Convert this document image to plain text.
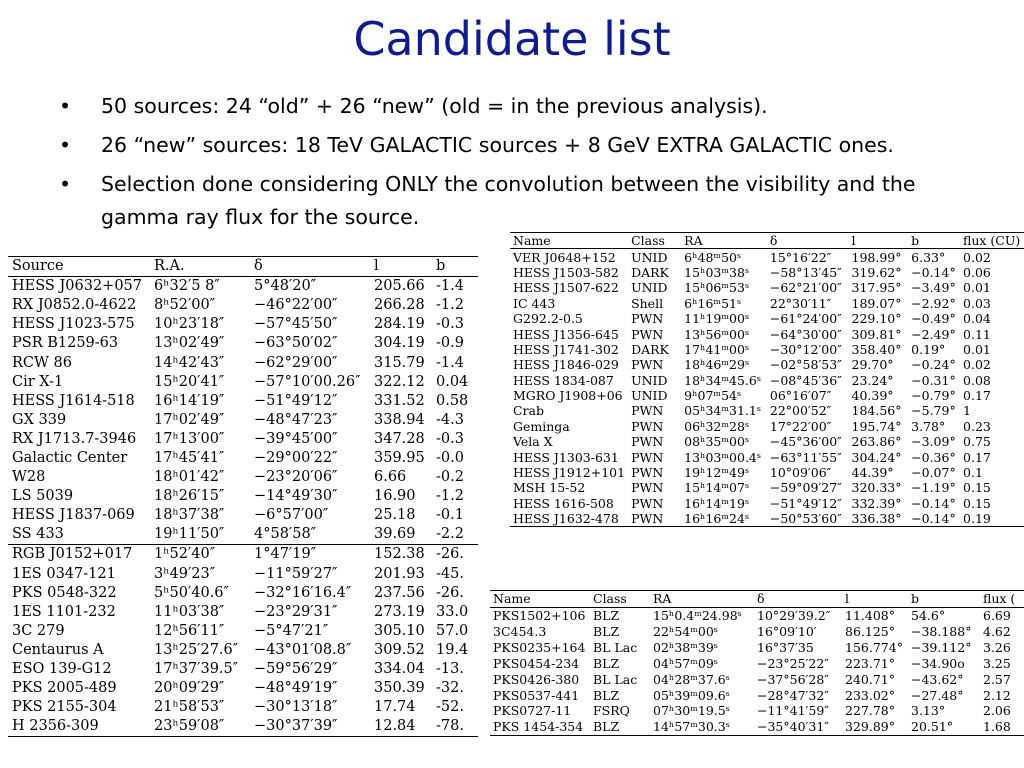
Candidate list
• 50 sources: 24 “old” + 26 “new” (old = in the previous analysis).
• 26 “new” sources: 18 TeV GALACTIC sources + 8 GeV EXTRA GALACTIC ones.
• Selection done considering ONLY the convolution between the visibility and the gamma ray flux for the source.
Source	R.A.	δ	l	b
HESS J0632+057	6ʰ32′5 8″	5°48′20″	205.66	-1.4
RX J0852.0-4622	8ʰ52′00″	−46°22′00″	266.28	-1.2
HESS J1023-575	10ʰ23′18″	−57°45′50″	284.19	-0.3
PSR B1259-63	13ʰ02′49″	−63°50′02″	304.19	-0.9
RCW 86	14ʰ42′43″	−62°29′00″	315.79	-1.4
Cir X-1	15ʰ20′41″	−57°10′00.26″	322.12	0.04
HESS J1614-518	16ʰ14′19″	−51°49′12″	331.52	0.58
GX 339	17ʰ02′49″	−48°47′23″	338.94	-4.3
RX J1713.7-3946	17ʰ13′00″	−39°45′00″	347.28	-0.3
Galactic Center	17ʰ45′41″	−29°00′22″	359.95	-0.0
W28	18ʰ01′42″	−23°20′06″	6.66	-0.2
LS 5039	18ʰ26′15″	−14°49′30″	16.90	-1.2
HESS J1837-069	18ʰ37′38″	−6°57′00″	25.18	-0.1
SS 433	19ʰ11′50″	4°58′58″	39.69	-2.2
RGB J0152+017	1ʰ52′40″	1°47′19″	152.38	-26.
1ES 0347-121	3ʰ49′23″	−11°59′27″	201.93	-45.
PKS 0548-322	5ʰ50′40.6″	−32°16′16.4″	237.56	-26.
1ES 1101-232	11ʰ03′38″	−23°29′31″	273.19	33.0
3C 279	12ʰ56′11″	−5°47′21″	305.10	57.0
Centaurus A	13ʰ25′27.6″	−43°01′08.8″	309.52	19.4
ESO 139-G12	17ʰ37′39.5″	−59°56′29″	334.04	-13.
PKS 2005-489	20ʰ09′29″	−48°49′19″	350.39	-32.
PKS 2155-304	21ʰ58′53″	−30°13′18″	17.74	-52.
H 2356-309	23ʰ59′08″	−30°37′39″	12.84	-78.
Name	Class	RA	δ	l	b	flux (CU)
VER J0648+152	UNID	6ʰ48ᵐ50ˢ	15°16′22″	198.99°	6.33°	0.02
HESS J1503-582	DARK	15ʰ03ᵐ38ˢ	−58°13′45″	319.62°	−0.14°	0.06
HESS J1507-622	UNID	15ʰ06ᵐ53ˢ	−62°21′00″	317.95°	−3.49°	0.01
IC 443	Shell	6ʰ16ᵐ51ˢ	22°30′11″	189.07°	−2.92°	0.03
G292.2-0.5	PWN	11ʰ19ᵐ00ˢ	−61°24′00″	229.10°	−0.49°	0.04
HESS J1356-645	PWN	13ʰ56ᵐ00ˢ	−64°30′00″	309.81°	−2.49°	0.11
HESS J1741-302	DARK	17ʰ41ᵐ00ˢ	−30°12′00″	358.40°	0.19°	0.01
HESS J1846-029	PWN	18ʰ46ᵐ29ˢ	−02°58′53″	29.70°	−0.24°	0.02
HESS 1834-087	UNID	18ʰ34ᵐ45.6ˢ	−08°45′36″	23.24°	−0.31°	0.08
MGRO J1908+06	UNID	9ʰ07ᵐ54ˢ	06°16′07″	40.39°	−0.79°	0.17
Crab	PWN	05ʰ34ᵐ31.1ˢ	22°00′52″	184.56°	−5.79°	1
Geminga	PWN	06ʰ32ᵐ28ˢ	17°22′00″	195.74°	3.78°	0.23
Vela X	PWN	08ʰ35ᵐ00ˢ	−45°36′00″	263.86°	−3.09°	0.75
HESS J1303-631	PWN	13ʰ03ᵐ00.4ˢ	−63°11′55″	304.24°	−0.36°	0.17
HESS J1912+101	PWN	19ʰ12ᵐ49ˢ	10°09′06″	44.39°	−0.07°	0.1
MSH 15-52	PWN	15ʰ14ᵐ07ˢ	−59°09′27″	320.33°	−1.19°	0.15
HESS 1616-508	PWN	16ʰ14ᵐ19ˢ	−51°49′12″	332.39°	−0.14°	0.15
HESS J1632-478	PWN	16ʰ16ᵐ24ˢ	−50°53′60″	336.38°	−0.14°	0.19
Name	Class	RA	δ	l	b	flux (
PKS1502+106	BLZ	15ʰ0.4ᵐ24.98ˢ	10°29′39.2″	11.408°	54.6°	6.69
3C454.3	BLZ	22ʰ54ᵐ00ˢ	16°09′10′	86.125°	−38.188°	4.62
PKS0235+164	BL Lac	02ʰ38ᵐ39ˢ	16°37′35	156.774°	−39.112°	3.26
PKS0454-234	BLZ	04ʰ57ᵐ09ˢ	−23°25′22″	223.71°	−34.90o	3.25
PKS0426-380	BL Lac	04ʰ28ᵐ37.6ˢ	−37°56′28″	240.71°	−43.62°	2.57
PKS0537-441	BLZ	05ʰ39ᵐ09.6ˢ	−28°47′32″	233.02°	−27.48°	2.12
PKS0727-11	FSRQ	07ʰ30ᵐ19.5ˢ	−11°41′59″	227.78°	3.13°	2.06
PKS 1454-354	BLZ	14ʰ57ᵐ30.3ˢ	−35°40′31″	329.89°	20.51°	1.68
